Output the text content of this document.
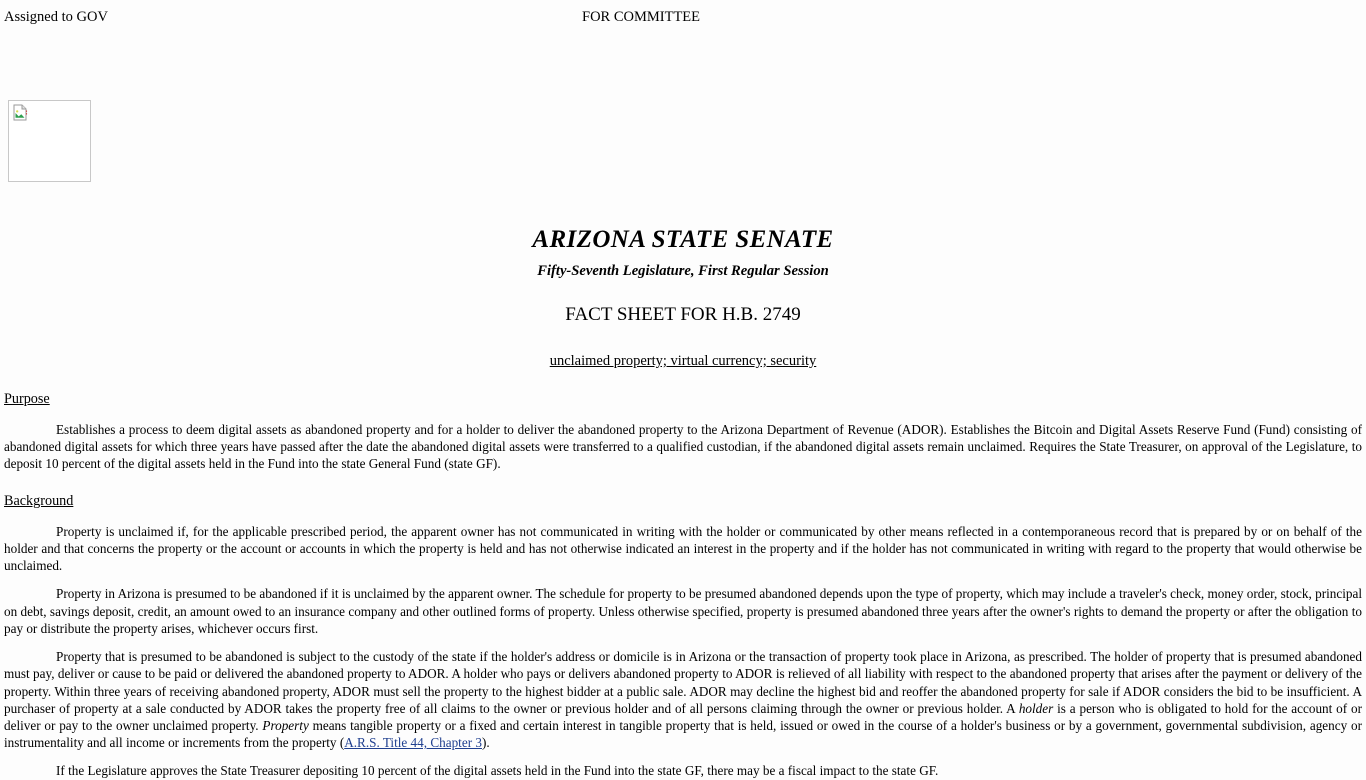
Assigned to GOV	FOR COMMITTEE
ARIZONA STATE SENATE
Fifty-Seventh Legislature, First Regular Session
FACT SHEET FOR H.B. 2749
unclaimed property; virtual currency; security
Purpose

Establishes a process to deem digital assets as abandoned property and for a holder to deliver the abandoned property to the Arizona Department of Revenue (ADOR). Establishes the Bitcoin and Digital Assets Reserve Fund (Fund) consisting of abandoned digital assets for which three years have passed after the date the abandoned digital assets were transferred to a qualified custodian, if the abandoned digital assets remain unclaimed. Requires the State Treasurer, on approval of the Legislature, to deposit 10 percent of the digital assets held in the Fund into the state General Fund (state GF).

Background

Property is unclaimed if, for the applicable prescribed period, the apparent owner has not communicated in writing with the holder or communicated by other means reflected in a contemporaneous record that is prepared by or on behalf of the holder and that concerns the property or the account or accounts in which the property is held and has not otherwise indicated an interest in the property and if the holder has not communicated in writing with regard to the property that would otherwise be unclaimed.

Property in Arizona is presumed to be abandoned if it is unclaimed by the apparent owner. The schedule for property to be presumed abandoned depends upon the type of property, which may include a traveler's check, money order, stock, principal on debt, savings deposit, credit, an amount owed to an insurance company and other outlined forms of property. Unless otherwise specified, property is presumed abandoned three years after the owner's rights to demand the property or after the obligation to pay or distribute the property arises, whichever occurs first.

Property that is presumed to be abandoned is subject to the custody of the state if the holder's address or domicile is in Arizona or the transaction of property took place in Arizona, as prescribed. The holder of property that is presumed abandoned must pay, deliver or cause to be paid or delivered the abandoned property to ADOR. A holder who pays or delivers abandoned property to ADOR is relieved of all liability with respect to the abandoned property that arises after the payment or delivery of the property. Within three years of receiving abandoned property, ADOR must sell the property to the highest bidder at a public sale. ADOR may decline the highest bid and reoffer the abandoned property for sale if ADOR considers the bid to be insufficient. A purchaser of property at a sale conducted by ADOR takes the property free of all claims to the owner or previous holder and of all persons claiming through the owner or previous holder. A holder is a person who is obligated to hold for the account of or deliver or pay to the owner unclaimed property. Property means tangible property or a fixed and certain interest in tangible property that is held, issued or owed in the course of a holder's business or by a government, governmental subdivision, agency or instrumentality and all income or increments from the property (A.R.S. Title 44, Chapter 3).

If the Legislature approves the State Treasurer depositing 10 percent of the digital assets held in the Fund into the state GF, there may be a fiscal impact to the state GF.
